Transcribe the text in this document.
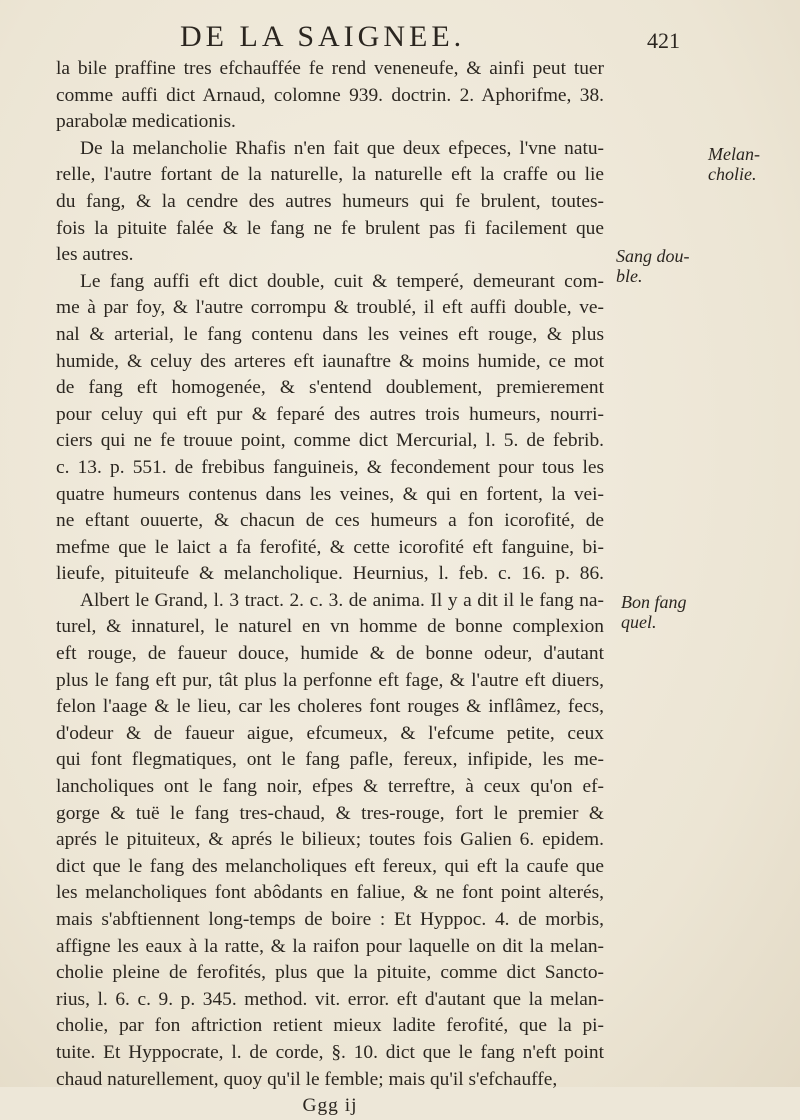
DE LA SAIGNEE.	421
la bile praffine tres efchauffée fe rend veneneufe, & ainfi peut tuer
comme auffi dict Arnaud, colomne 939. doctrin. 2. Aphorifme, 38.
parabolæ medicationis.
De la melancholie Rhafis n'en fait que deux efpeces, l'vne natu-
relle, l'autre fortant de la naturelle, la naturelle eft la craffe ou lie
du fang, & la cendre des autres humeurs qui fe brulent, toutes-
fois la pituite falée & le fang ne fe brulent pas fi facilement que
les autres.
Le fang auffi eft dict double, cuit & temperé, demeurant com-
me à par foy, & l'autre corrompu & troublé, il eft auffi double, ve-
nal & arterial, le fang contenu dans les veines eft rouge, & plus
humide, & celuy des arteres eft iaunaftre & moins humide, ce mot
de fang eft homogenée, & s'entend doublement, premierement
pour celuy qui eft pur & feparé des autres trois humeurs, nourri-
ciers qui ne fe trouue point, comme dict Mercurial, l. 5. de febrib.
c. 13. p. 551. de frebibus fanguineis, & fecondement pour tous les
quatre humeurs contenus dans les veines, & qui en fortent, la vei-
ne eftant ouuerte, & chacun de ces humeurs a fon icorofité, de
mefme que le laict a fa ferofité, & cette icorofité eft fanguine, bi-
lieufe, pituiteufe & melancholique. Heurnius, l. feb. c. 16. p. 86.
Albert le Grand, l. 3 tract. 2. c. 3. de anima. Il y a dit il le fang na-
turel, & innaturel, le naturel en vn homme de bonne complexion
eft rouge, de faueur douce, humide & de bonne odeur, d'autant
plus le fang eft pur, tât plus la perfonne eft fage, & l'autre eft diuers,
felon l'aage & le lieu, car les choleres font rouges & inflâmez, fecs,
d'odeur & de faueur aigue, efcumeux, & l'efcume petite, ceux
qui font flegmatiques, ont le fang pafle, fereux, infipide, les me-
lancholiques ont le fang noir, efpes & terreftre, à ceux qu'on ef-
gorge & tuë le fang tres-chaud, & tres-rouge, fort le premier &
aprés le pituiteux, & aprés le bilieux; toutes fois Galien 6. epidem.
dict que le fang des melancholiques eft fereux, qui eft la caufe que
les melancholiques font abôdants en faliue, & ne font point alterés,
mais s'abftiennent long-temps de boire : Et Hyppoc. 4. de morbis,
affigne les eaux à la ratte, & la raifon pour laquelle on dit la melan-
cholie pleine de ferofités, plus que la pituite, comme dict Sancto-
rius, l. 6. c. 9. p. 345. method. vit. error. eft d'autant que la melan-
cholie, par fon aftriction retient mieux ladite ferofité, que la pi-
tuite. Et Hyppocrate, l. de corde, §. 10. dict que le fang n'eft point
chaud naturellement, quoy qu'il le femble; mais qu'il s'efchauffe,
Ggg ij
Melan-
cholie.
Sang dou-
ble.
Bon fang
quel.
